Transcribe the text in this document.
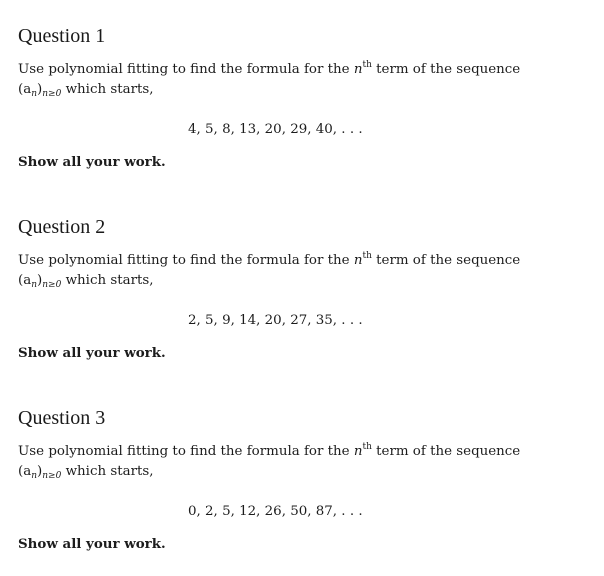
Question 1
Use polynomial fitting to find the formula for the $n^{th}$ term of the sequence
$(a_n)_{n\ge 0}$ which starts,
4, 5, 8, 13, 20, 29, 40, . . .
Show all your work.
Question 2
Use polynomial fitting to find the formula for the $n^{th}$ term of the sequence
$(a_n)_{n\ge 0}$ which starts,
2, 5, 9, 14, 20, 27, 35, . . .
Show all your work.
Question 3
Use polynomial fitting to find the formula for the $n^{th}$ term of the sequence
$(a_n)_{n\ge 0}$ which starts,
0, 2, 5, 12, 26, 50, 87, . . .
Show all your work.
